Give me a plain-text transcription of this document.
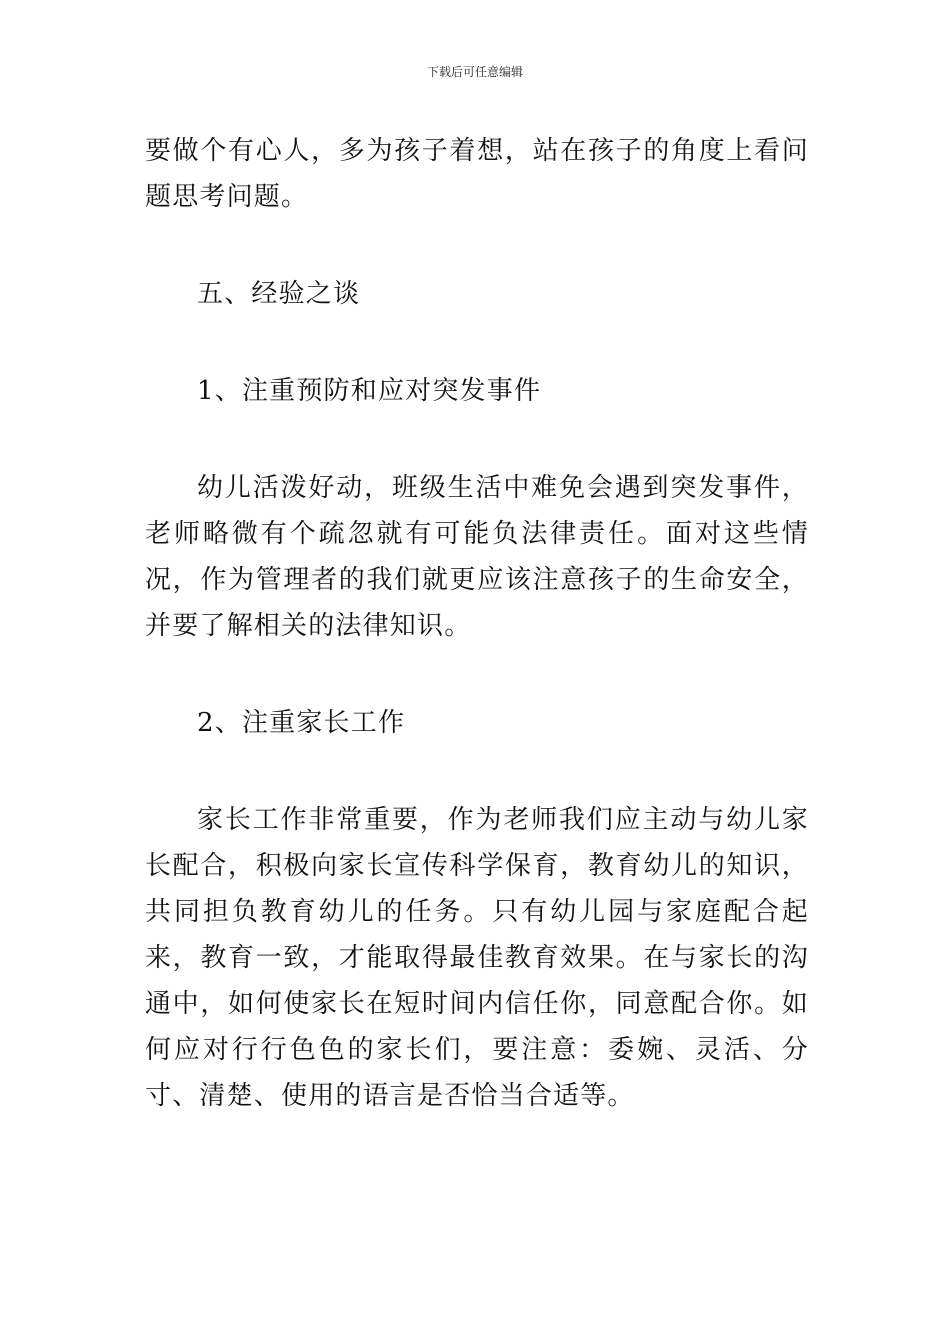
下载后可任意编辑

要做个有心人，多为孩子着想，站在孩子的角度上看问题思考问题。

五、经验之谈

1、注重预防和应对突发事件

幼儿活泼好动，班级生活中难免会遇到突发事件，老师略微有个疏忽就有可能负法律责任。面对这些情况，作为管理者的我们就更应该注意孩子的生命安全，并要了解相关的法律知识。

2、注重家长工作

家长工作非常重要，作为老师我们应主动与幼儿家长配合，积极向家长宣传科学保育，教育幼儿的知识，共同担负教育幼儿的任务。只有幼儿园与家庭配合起来，教育一致，才能取得最佳教育效果。在与家长的沟通中，如何使家长在短时间内信任你，同意配合你。如何应对行行色色的家长们，要注意：委婉、灵活、分寸、清楚、使用的语言是否恰当合适等。
